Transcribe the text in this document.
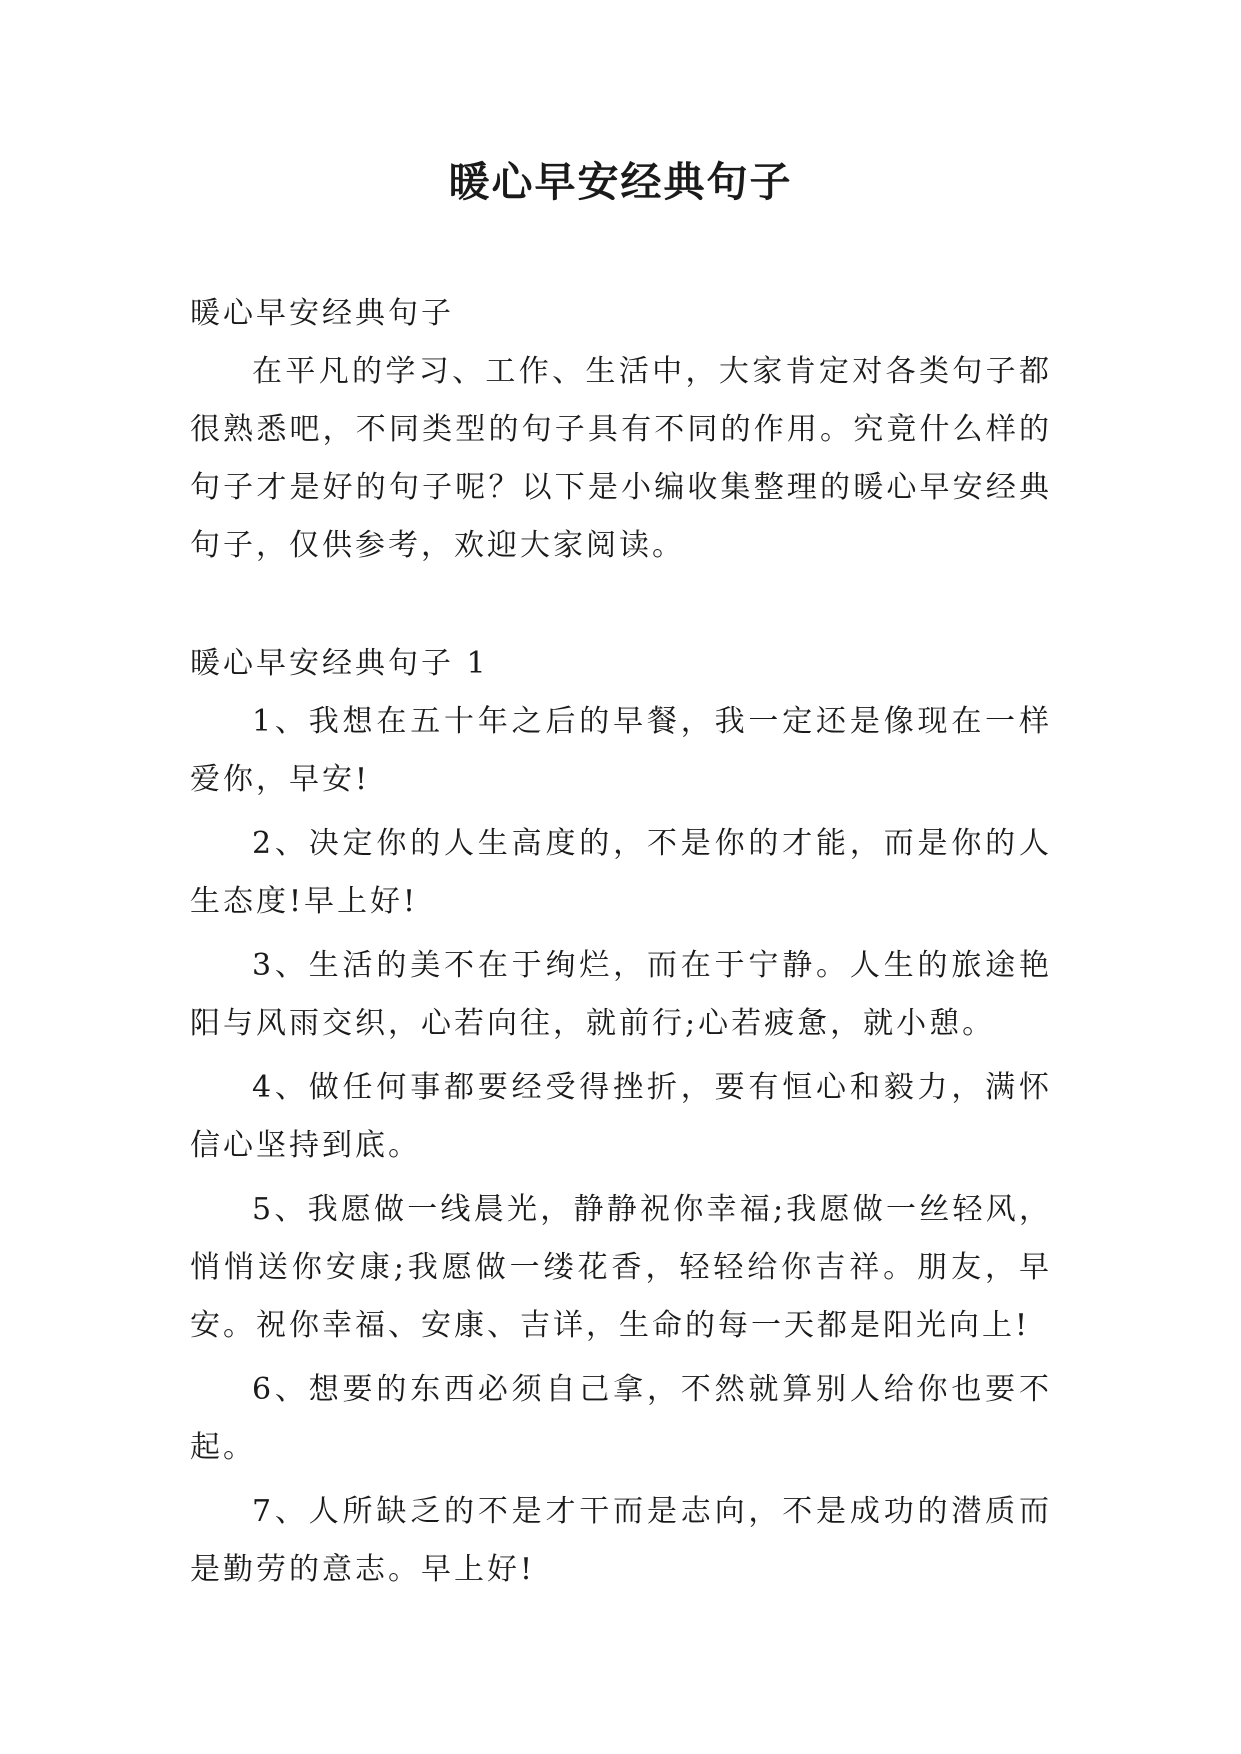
暖心早安经典句子

暖心早安经典句子

在平凡的学习、工作、生活中，大家肯定对各类句子都很熟悉吧，不同类型的句子具有不同的作用。究竟什么样的句子才是好的句子呢？以下是小编收集整理的暖心早安经典句子，仅供参考，欢迎大家阅读。

暖心早安经典句子 1

1、我想在五十年之后的早餐，我一定还是像现在一样爱你，早安!

2、决定你的人生高度的，不是你的才能，而是你的人生态度!早上好!

3、生活的美不在于绚烂，而在于宁静。人生的旅途艳阳与风雨交织，心若向往，就前行;心若疲惫，就小憩。

4、做任何事都要经受得挫折，要有恒心和毅力，满怀信心坚持到底。

5、我愿做一线晨光，静静祝你幸福;我愿做一丝轻风，悄悄送你安康;我愿做一缕花香，轻轻给你吉祥。朋友，早安。祝你幸福、安康、吉详，生命的每一天都是阳光向上!

6、想要的东西必须自己拿，不然就算别人给你也要不起。

7、人所缺乏的不是才干而是志向，不是成功的潜质而是勤劳的意志。早上好!
